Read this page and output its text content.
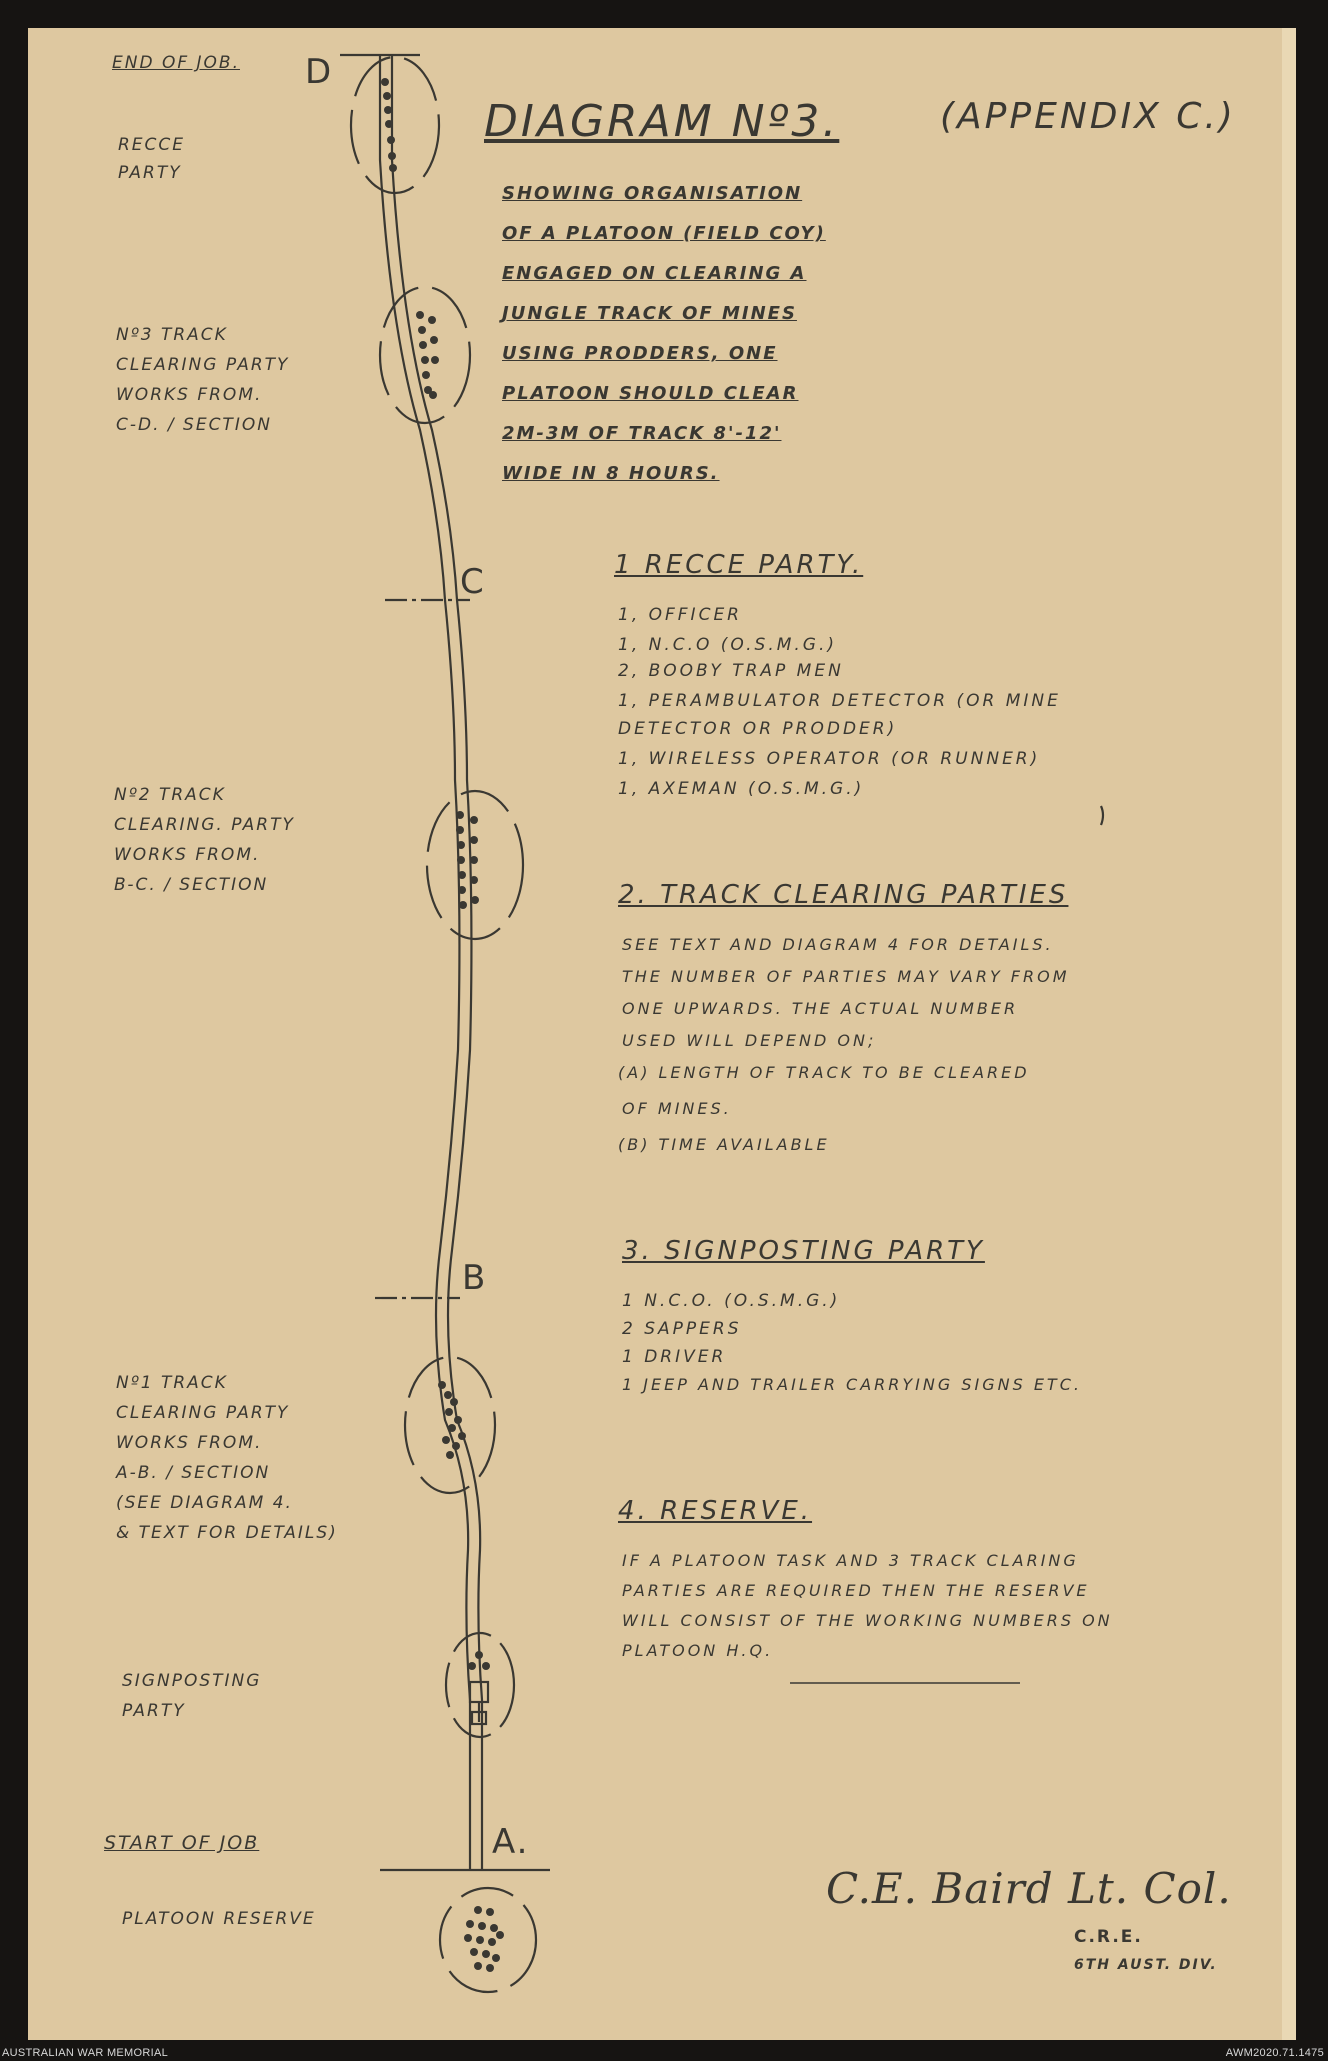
DIAGRAM Nº3.	(APPENDIX C.)
SHOWING ORGANISATION
OF A PLATOON (FIELD COY)
ENGAGED ON CLEARING A
JUNGLE TRACK OF MINES
USING PRODDERS, ONE
PLATOON SHOULD CLEAR
2M-3M OF TRACK 8'-12'
WIDE IN 8 HOURS.
D
C
B
A.
END OF JOB.
RECCE
PARTY
Nº3 TRACK
CLEARING PARTY
WORKS FROM.
C-D. / SECTION
Nº2 TRACK
CLEARING. PARTY
WORKS FROM.
B-C. / SECTION
Nº1 TRACK
CLEARING PARTY
WORKS FROM.
A-B. / SECTION
(SEE DIAGRAM 4.
& TEXT FOR DETAILS)
SIGNPOSTING
PARTY
START OF JOB
PLATOON RESERVE
1 RECCE PARTY.
1, OFFICER
1, N.C.O (O.S.M.G.)
2, BOOBY TRAP MEN
1, PERAMBULATOR DETECTOR (OR MINE
DETECTOR OR PRODDER)
1, WIRELESS OPERATOR (OR RUNNER)
1, AXEMAN (O.S.M.G.)
2. TRACK CLEARING PARTIES
SEE TEXT AND DIAGRAM 4 FOR DETAILS.
THE NUMBER OF PARTIES MAY VARY FROM
ONE UPWARDS. THE ACTUAL NUMBER
USED WILL DEPEND ON;
(A) LENGTH OF TRACK TO BE CLEARED
OF MINES.
(B) TIME AVAILABLE
3. SIGNPOSTING PARTY
1 N.C.O. (O.S.M.G.)
2 SAPPERS
1 DRIVER
1 JEEP AND TRAILER CARRYING SIGNS ETC.
4. RESERVE.
IF A PLATOON TASK AND 3 TRACK CLARING
PARTIES ARE REQUIRED THEN THE RESERVE
WILL CONSIST OF THE WORKING NUMBERS ON
PLATOON H.Q.
C.E. Baird Lt. Col.
C.R.E.
6TH AUST. DIV.
AUSTRALIAN WAR MEMORIAL	AWM2020.71.1475
